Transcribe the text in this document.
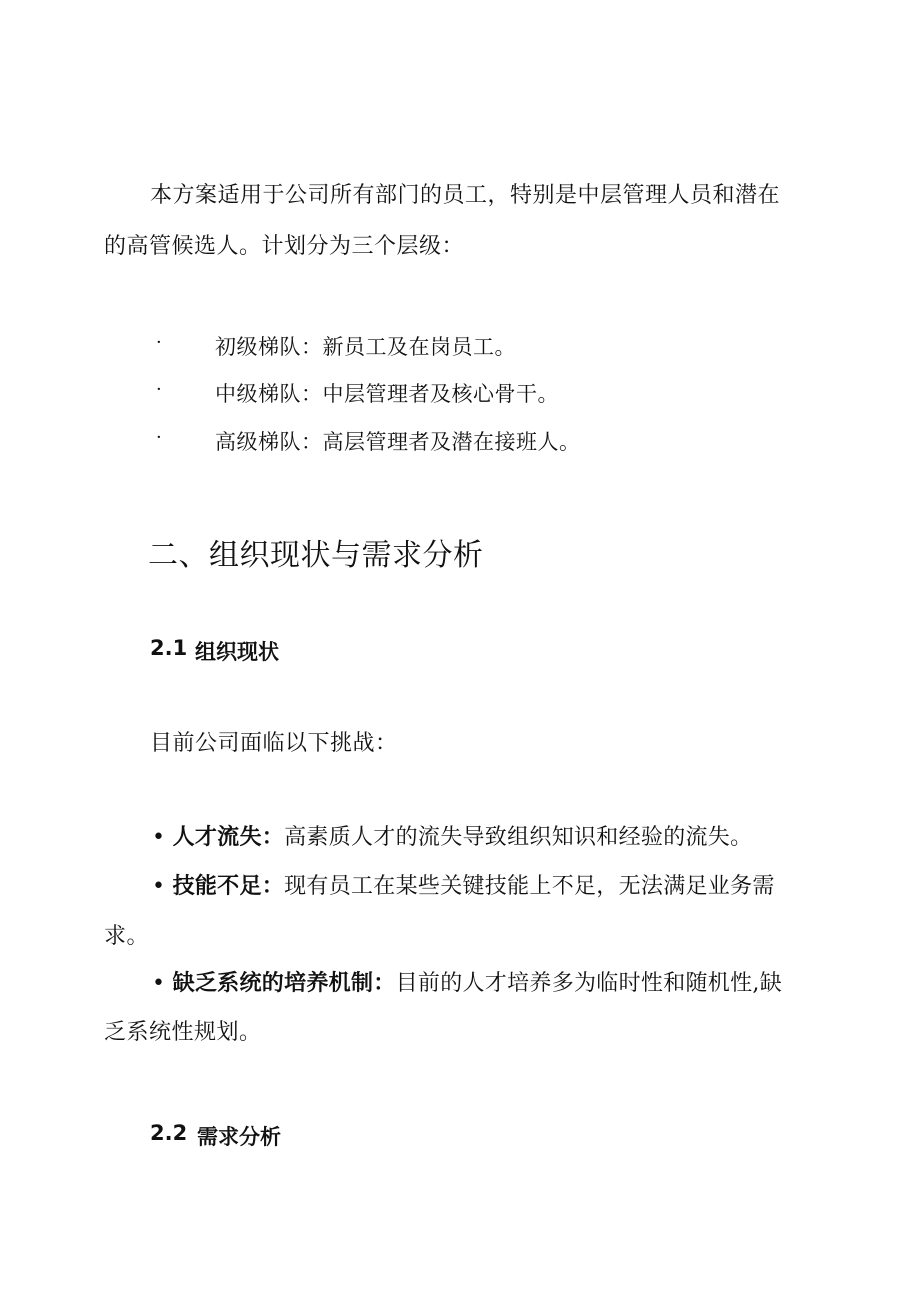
本方案适用于公司所有部门的员工，特别是中层管理人员和潜在

的高管候选人。计划分为三个层级：

·	初级梯队：新员工及在岗员工。
·	中级梯队：中层管理者及核心骨干。
·	高级梯队：高层管理者及潜在接班人。
二、组织现状与需求分析
2.1 组织现状

目前公司面临以下挑战：

• 人才流失：高素质人才的流失导致组织知识和经验的流失。
• 技能不足：现有员工在某些关键技能上不足，无法满足业务需

求。

• 缺乏系统的培养机制：目前的人才培养多为临时性和随机性,缺

乏系统性规划。

2.2 需求分析
